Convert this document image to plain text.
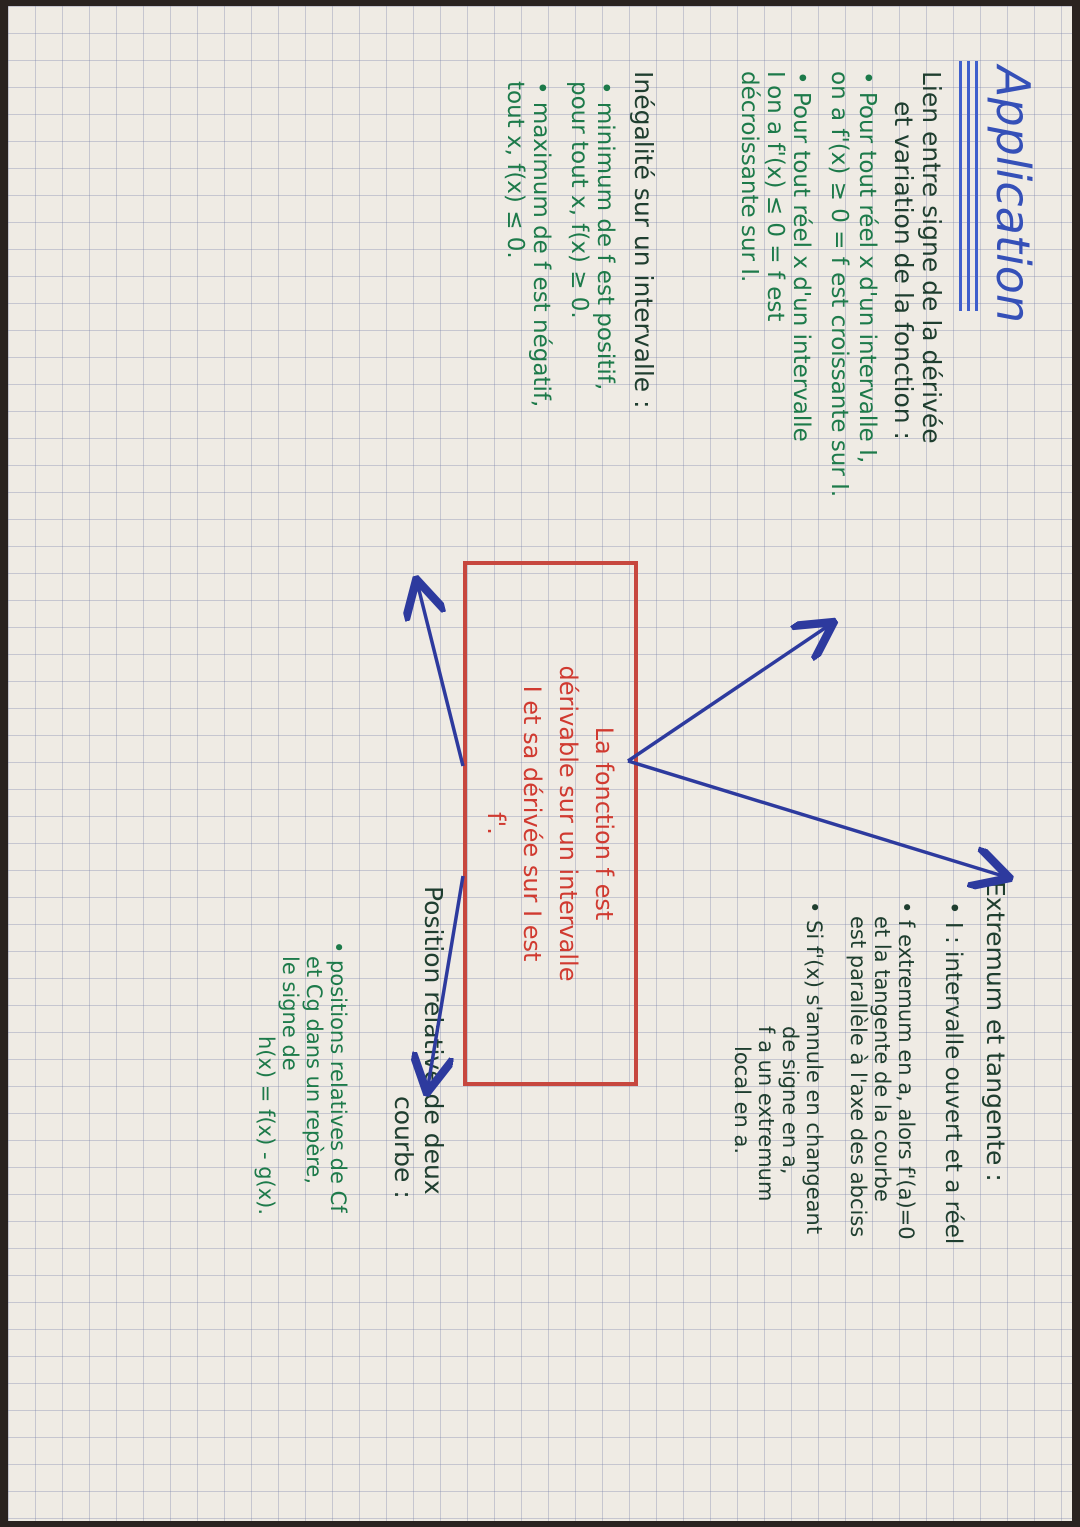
Application
Lien entre signe de la dérivée
et variation de la fonction :
• Pour tout réel x d'un intervalle I,
on a f'(x) ≥ 0 = f est croissante sur I.
• Pour tout réel x d'un intervalle
I on a f'(x) ≤ 0 = f est
décroissante sur I.
Inégalité sur un intervalle :
• minimum de f est positif,
pour tout x, f(x) ≥ 0.
• maximum de f est négatif,
tout x, f(x) ≤ 0.
La fonction f est
dérivable sur un intervalle
I et sa dérivée sur I est
f'.
Extremum et tangente :
• I : intervalle ouvert et a réel
• f extremum en a, alors f'(a)=0
et la tangente de la courbe
est parallèle à l'axe des abciss
• Si f'(x) s'annule en changeant
de signe en a,
f a un extremum
local en a.
Position relative de deux
courbe :
• positions relatives de Cf
et Cg dans un repère,
le signe de
h(x) = f(x) - g(x).
